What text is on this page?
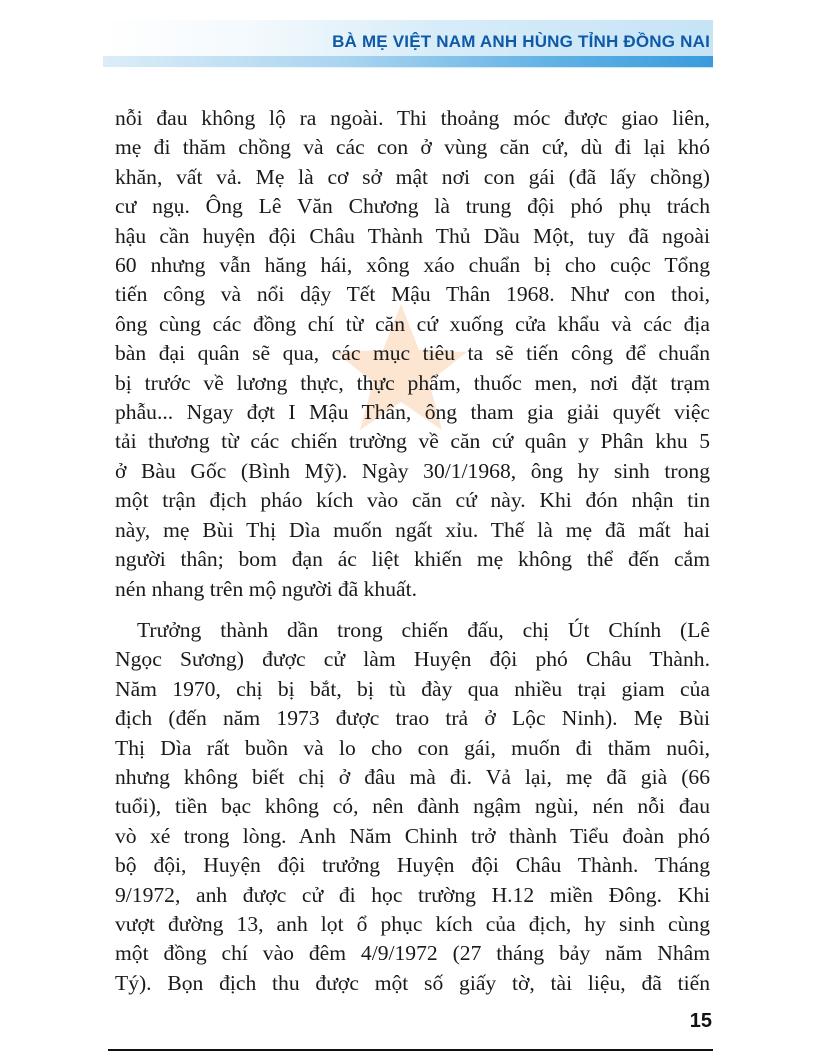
BÀ MẸ VIỆT NAM ANH HÙNG TỈNH ĐỒNG NAI

nỗi đau không lộ ra ngoài. Thi thoảng móc được giao liên,

mẹ đi thăm chồng và các con ở vùng căn cứ, dù đi lại khó

khăn, vất vả. Mẹ là cơ sở mật nơi con gái (đã lấy chồng)

cư ngụ. Ông Lê Văn Chương là trung đội phó phụ trách

hậu cần huyện đội Châu Thành Thủ Dầu Một, tuy đã ngoài

60 nhưng vẫn hăng hái, xông xáo chuẩn bị cho cuộc Tổng

tiến công và nổi dậy Tết Mậu Thân 1968. Như con thoi,

ông cùng các đồng chí từ căn cứ xuống cửa khẩu và các địa

bàn đại quân sẽ qua, các mục tiêu ta sẽ tiến công để chuẩn

bị trước về lương thực, thực phẩm, thuốc men, nơi đặt trạm

phẫu... Ngay đợt I Mậu Thân, ông tham gia giải quyết việc

tải thương từ các chiến trường về căn cứ quân y Phân khu 5

ở Bàu Gốc (Bình Mỹ). Ngày 30/1/1968, ông hy sinh trong

một trận địch pháo kích vào căn cứ này. Khi đón nhận tin

này, mẹ Bùi Thị Dìa muốn ngất xỉu. Thế là mẹ đã mất hai

người thân; bom đạn ác liệt khiến mẹ không thể đến cắm

nén nhang trên mộ người đã khuất.

Trưởng thành dần trong chiến đấu, chị Út Chính (Lê

Ngọc Sương) được cử làm Huyện đội phó Châu Thành.

Năm 1970, chị bị bắt, bị tù đày qua nhiều trại giam của

địch (đến năm 1973 được trao trả ở Lộc Ninh). Mẹ Bùi

Thị Dìa rất buồn và lo cho con gái, muốn đi thăm nuôi,

nhưng không biết chị ở đâu mà đi. Vả lại, mẹ đã già (66

tuổi), tiền bạc không có, nên đành ngậm ngùi, nén nỗi đau

vò xé trong lòng. Anh Năm Chinh trở thành Tiểu đoàn phó

bộ đội, Huyện đội trưởng Huyện đội Châu Thành. Tháng

9/1972, anh được cử đi học trường H.12 miền Đông. Khi

vượt đường 13, anh lọt ổ phục kích của địch, hy sinh cùng

một đồng chí vào đêm 4/9/1972 (27 tháng bảy năm Nhâm

Tý). Bọn địch thu được một số giấy tờ, tài liệu, đã tiến

15
